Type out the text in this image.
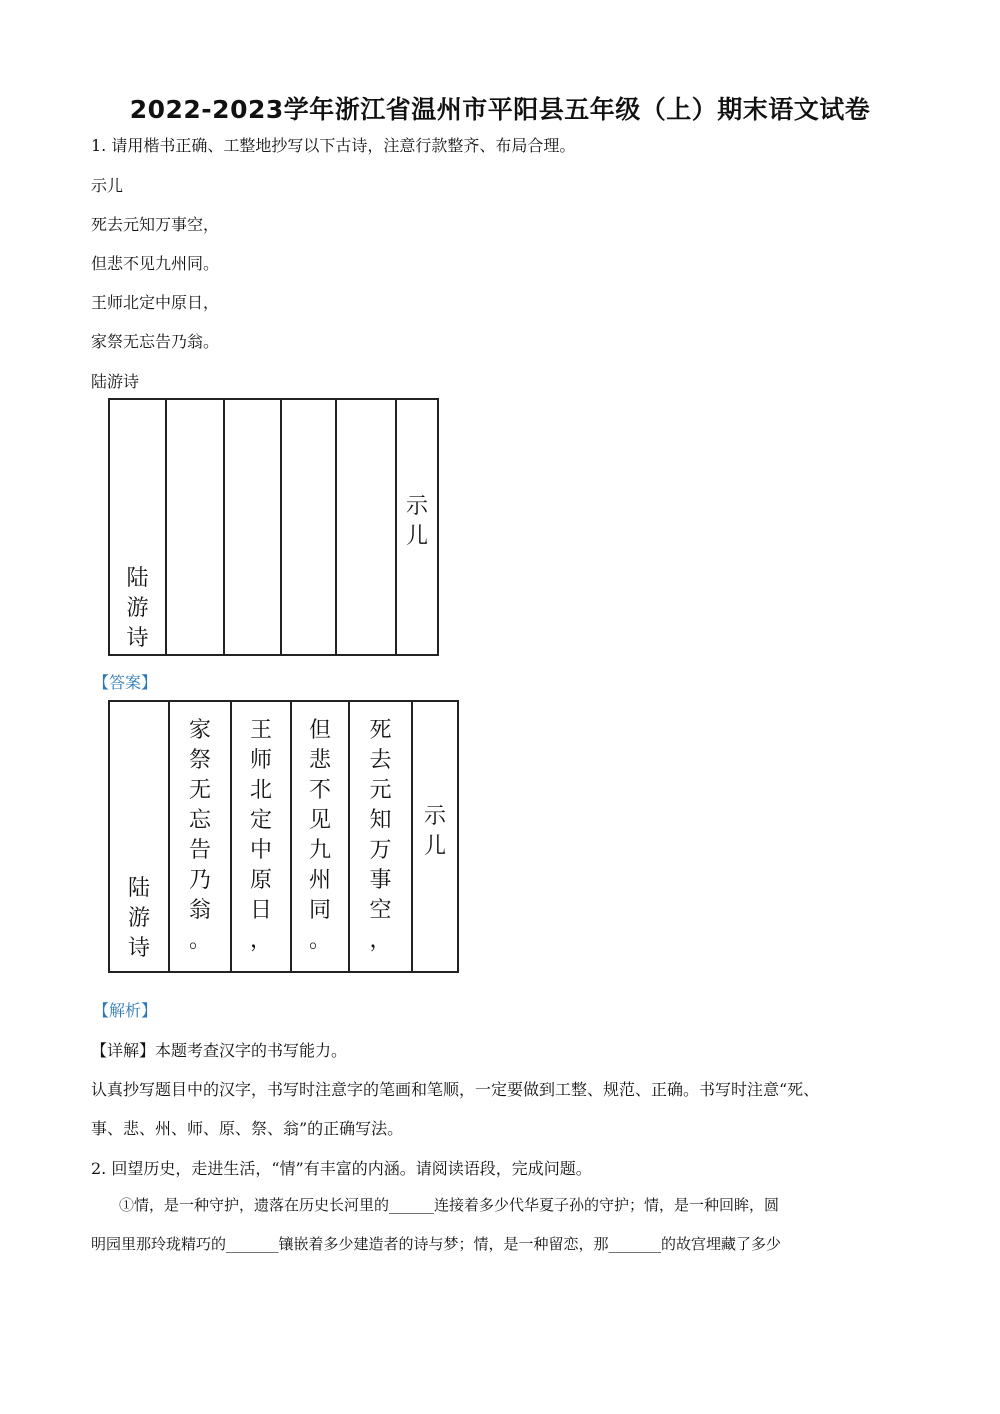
2022-2023学年浙江省温州市平阳县五年级（上）期末语文试卷
1. 请用楷书正确、工整地抄写以下古诗，注意行款整齐、布局合理。
示儿
死去元知万事空，
但悲不见九州同。
王师北定中原日，
家祭无忘告乃翁。
陆游诗
陆
游
诗
示
儿
【答案】
陆
游
诗
家
祭
无
忘
告
乃
翁
。
王
师
北
定
中
原
日
，
但
悲
不
见
九
州
同
。
死
去
元
知
万
事
空
，
示
儿
【解析】
【详解】本题考查汉字的书写能力。
认真抄写题目中的汉字，书写时注意字的笔画和笔顺，一定要做到工整、规范、正确。书写时注意“死、
事、悲、州、师、原、祭、翁”的正确写法。
2. 回望历史，走进生活，“情”有丰富的内涵。请阅读语段，完成问题。
①情，是一种守护，遗落在历史长河里的______连接着多少代华夏子孙的守护；情，是一种回眸，圆
明园里那玲珑精巧的_______镶嵌着多少建造者的诗与梦；情，是一种留恋，那_______的故宫埋藏了多少
